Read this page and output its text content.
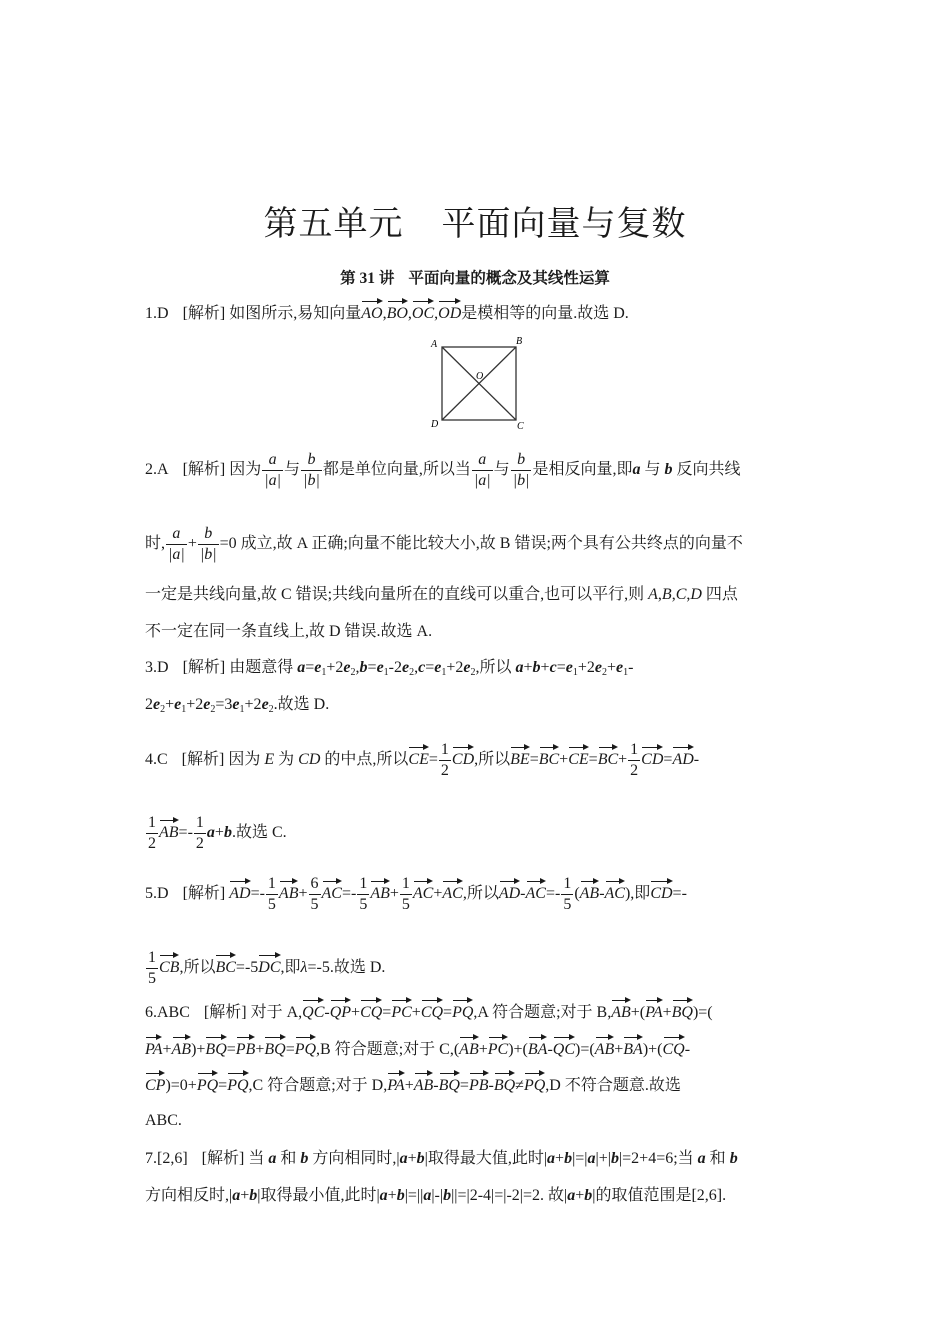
第五单元 平面向量与复数
第 31 讲 平面向量的概念及其线性运算
1.D [解析] 如图所示,易知向量AO,BO,OC,OD是模相等的向量.故选 D.
A	B
C
D
O
2.A [解析] 因为 $\frac{a}{|a|}$ 与 $\frac{b}{|b|}$ 都是单位向量,所以当 $\frac{a}{|a|}$ 与 $\frac{b}{|b|}$ 是相反向量,即a 与 b 反向共线
时, $\frac{a}{|a|} + \frac{b}{|b|} =0$ 成立,故 A 正确;向量不能比较大小,故 B 错误;两个具有公共终点的向量不
一定是共线向量,故 C 错误;共线向量所在的直线可以重合,也可以平行,则 A,B,C,D 四点
不一定在同一条直线上,故 D 错误.故选 A.
3.D [解析] 由题意得 $a=e_1+2e_2,b=e_1-2e_2,c=e_1+2e_2$,所以 $a+b+c=e_1+2e_2+e_1-$
$2e_2+e_1+2e_2=3e_1+2e_2$.故选 D.
4.C [解析] 因为 E 为 CD 的中点,所以$CE= \frac{1}{2}$ CD,所以$BE=BC+CE=BC+ \frac{1}{2} CD=AD-$
$\frac{1}{2} AB=- \frac{1}{2} a+b$.故选 C.
5.D [解析] $AD=- \frac{1}{5} AB+ \frac{6}{5} AC=- \frac{1}{5} AB+ \frac{1}{5} AC+AC$,所以$AD-AC=- \frac{1}{5} (AB-AC)$,即CD=-
$\frac{1}{5}$ CB,所以BC=-5DC,即λ=-5.故选 D.
6.ABC [解析] 对于 A,QC-QP+CQ=PC+CQ=PQ,A 符合题意;对于 B,AB+(PA+BQ)=(
PA+AB)+BQ=PB+BQ=PQ,B 符合题意;对于 C,(AB+PC)+(BA-QC)=(AB+BA)+(CQ-
CP)=0+PQ=PQ,C 符合题意;对于 D,PA+AB-BQ=PB-BQ≠PQ,D 不符合题意.故选
ABC.
7.[2,6] [解析] 当 a 和 b 方向相同时,|a+b|取得最大值,此时|a+b|=|a|+|b|=2+4=6;当 a 和 b
方向相反时,|a+b|取得最小值,此时|a+b|=||a|-|b||=|2-4|=|-2|=2. 故|a+b|的取值范围是[2,6].
